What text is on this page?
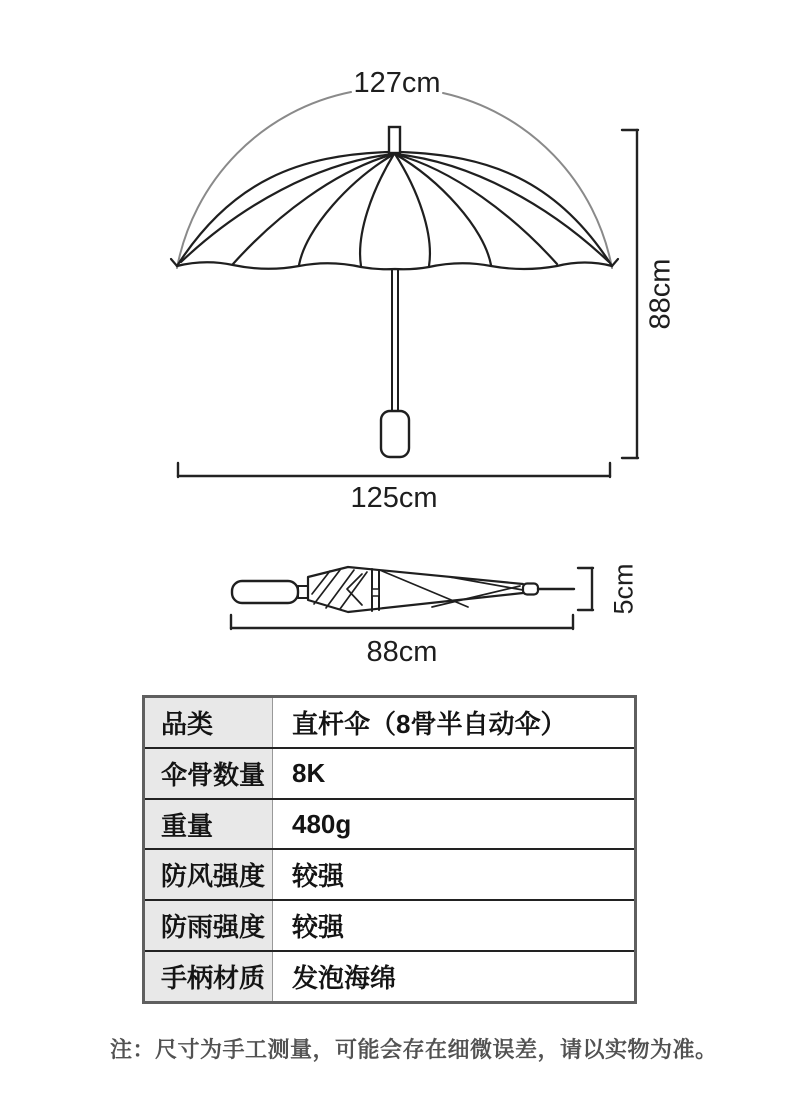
127cm
125cm
88cm
88cm
5cm
品类	直杆伞（8骨半自动伞）
伞骨数量	8K
重量	480g
防风强度	较强
防雨强度	较强
手柄材质	发泡海绵
注：尺寸为手工测量，可能会存在细微误差，请以实物为准。
